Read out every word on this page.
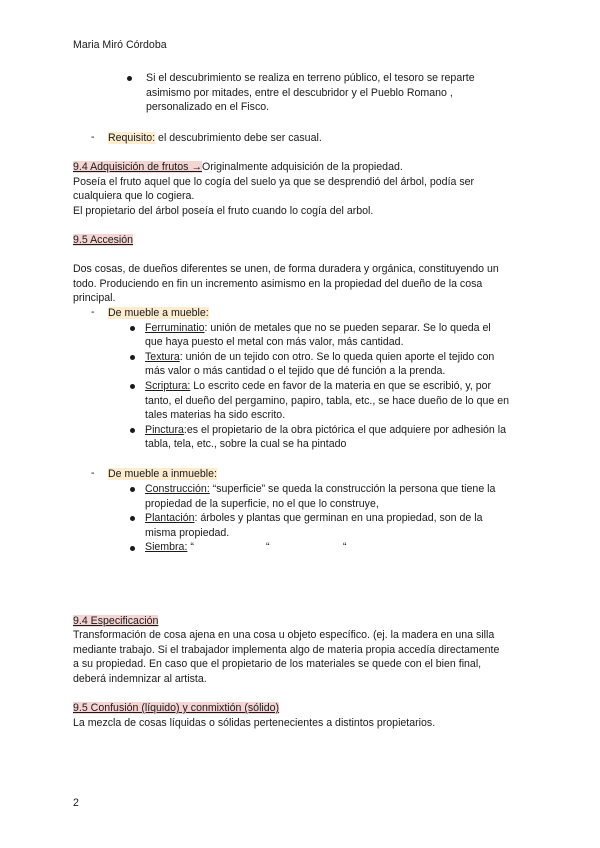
Maria Miró Córdoba
Si el descubrimiento se realiza en terreno público, el tesoro se reparte
asimismo por mitades, entre el descubridor y el Pueblo Romano ,
personalizado en el Fisco.
- Requisito: el descubrimiento debe ser casual.
9.4 Adquisición de frutos →Originalmente adquisición de la propiedad.
Poseía el fruto aquel que lo cogía del suelo ya que se desprendió del árbol, podía ser
cualquiera que lo cogiera.
El propietario del árbol poseía el fruto cuando lo cogía del arbol.
9.5 Accesión
Dos cosas, de dueños diferentes se unen, de forma duradera y orgánica, constituyendo un
todo. Produciendo en fin un incremento asimismo en la propiedad del dueño de la cosa
principal.
- De mueble a mueble:
Ferruminatio: unión de metales que no se pueden separar. Se lo queda el
que haya puesto el metal con más valor, más cantidad.
Textura: unión de un tejido con otro. Se lo queda quien aporte el tejido con
más valor o más cantidad o el tejido que dé función a la prenda.
Scriptura: Lo escrito cede en favor de la materia en que se escribió, y, por
tanto, el dueño del pergamino, papiro, tabla, etc., se hace dueño de lo que en
tales materias ha sido escrito.
Pinctura:es el propietario de la obra pictórica el que adquiere por adhesión la
tabla, tela, etc., sobre la cual se ha pintado
- De mueble a inmueble:
Construcción: “superficie” se queda la construcción la persona que tiene la
propiedad de la superficie, no el que lo construye,
Plantación: árboles y plantas que germinan en una propiedad, son de la
misma propiedad.
Siembra: “	“	“
9.4 Especificación
Transformación de cosa ajena en una cosa u objeto específico. (ej. la madera en una silla
mediante trabajo. Si el trabajador implementa algo de materia propia accedía directamente
a su propiedad. En caso que el propietario de los materiales se quede con el bien final,
deberá indemnizar al artista.
9.5 Confusión (líquido) y conmixtión (sólido)
La mezcla de cosas líquidas o sólidas pertenecientes a distintos propietarios.
2
